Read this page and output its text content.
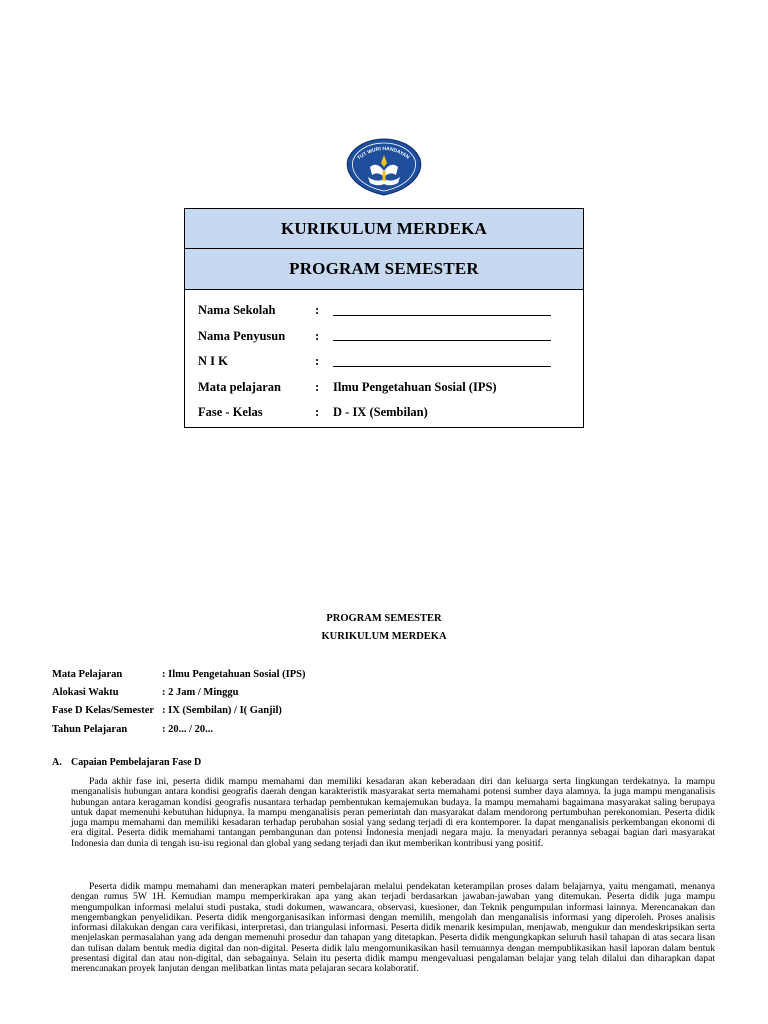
TUT WURI HANDAYAN
KURIKULUM MERDEKA
PROGRAM SEMESTER
Nama Sekolah	:
Nama Penyusun	:
N I K	:
Mata pelajaran	:	Ilmu Pengetahuan Sosial (IPS)
Fase - Kelas	:	D - IX (Sembilan)
PROGRAM SEMESTER
KURIKULUM MERDEKA
Mata Pelajaran	: Ilmu Pengetahuan Sosial (IPS)
Alokasi Waktu	: 2 Jam / Minggu
Fase D Kelas/Semester : IX (Sembilan) / I( Ganjil)
Tahun Pelajaran	: 20... / 20...
A. Capaian Pembelajaran Fase D

Pada akhir fase ini, peserta didik mampu memahami dan memiliki kesadaran akan keberadaan diri dan keluarga serta lingkungan terdekatnya. Ia mampu menganalisis hubungan antara kondisi geografis daerah dengan karakteristik masyarakat serta memahami potensi sumber daya alamnya. Ia juga mampu menganalisis hubungan antara keragaman kondisi geografis nusantara terhadap pembentukan kemajemukan budaya. Ia mampu memahami bagaimana masyarakat saling berupaya untuk dapat memenuhi kebutuhan hidupnya. Ia mampu menganalisis peran pemerintah dan masyarakat dalam mendorong pertumbuhan perekonomian. Peserta didik juga mampu memahami dan memiliki kesadaran terhadap perubahan sosial yang sedang terjadi di era kontemporer. Ia dapat menganalisis perkembangan ekonomi di era digital. Peserta didik memahami tantangan pembangunan dan potensi Indonesia menjadi negara maju. Ia menyadari perannya sebagai bagian dari masyarakat Indonesia dan dunia di tengah isu-isu regional dan global yang sedang terjadi dan ikut memberikan kontribusi yang positif.

Peserta didik mampu memahami dan menerapkan materi pembelajaran melalui pendekatan keterampilan proses dalam belajarnya, yaitu mengamati, menanya dengan rumus 5W 1H. Kemudian mampu memperkirakan apa yang akan terjadi berdasarkan jawaban-jawaban yang ditemukan. Peserta didik juga mampu mengumpulkan informasi melalui studi pustaka, studi dokumen, wawancara, observasi, kuesioner, dan Teknik pengumpulan informasi lainnya. Merencanakan dan mengembangkan penyelidikan. Peserta didik mengorganisasikan informasi dengan memilih, mengolah dan menganalisis informasi yang diperoleh. Proses analisis informasi dilakukan dengan cara verifikasi, interpretasi, dan triangulasi informasi. Peserta didik menarik kesimpulan, menjawab, mengukur dan mendeskripsikan serta menjelaskan permasalahan yang ada dengan memenuhi prosedur dan tahapan yang ditetapkan. Peserta didik mengungkapkan seluruh hasil tahapan di atas secara lisan dan tulisan dalam bentuk media digital dan non-digital. Peserta didik lalu mengomunikasikan hasil temuannya dengan mempublikasikan hasil laporan dalam bentuk presentasi digital dan atau non-digital, dan sebagainya. Selain itu peserta didik mampu mengevaluasi pengalaman belajar yang telah dilalui dan diharapkan dapat merencanakan proyek lanjutan dengan melibatkan lintas mata pelajaran secara kolaboratif.
